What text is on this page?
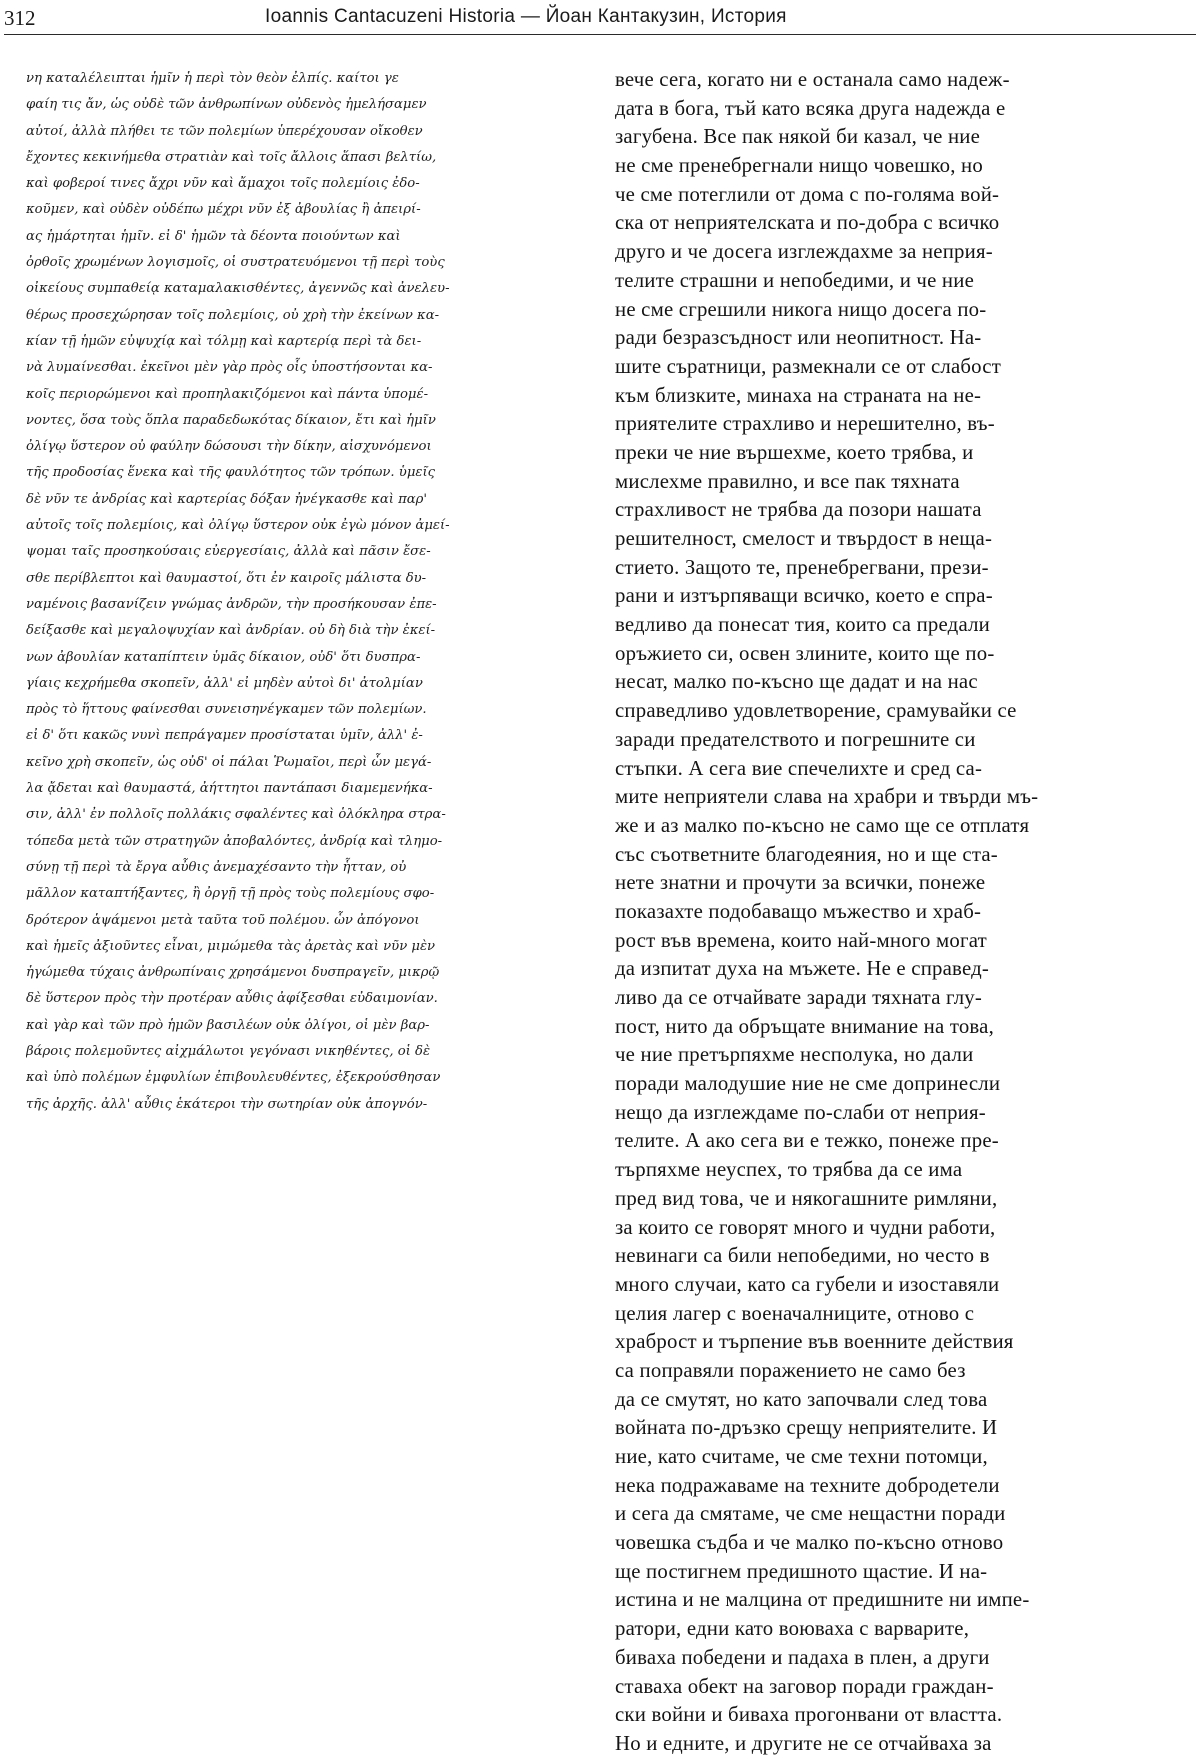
312	Ioannis Cantacuzeni Historia — Йоан Кантакузин, История
νη καταλέλειπται ἡμῖν ἡ περὶ τὸν θεὸν ἐλπίς. καίτοι γε
φαίη τις ἄν, ὡς οὐδὲ τῶν ἀνθρωπίνων οὐδενὸς ἠμελήσαμεν
αὐτοί, ἀλλὰ πλήθει τε τῶν πολεμίων ὑπερέχουσαν οἴκοθεν
ἔχοντες κεκινήμεθα στρατιὰν καὶ τοῖς ἄλλοις ἅπασι βελτίω,
καὶ φοβεροί τινες ἄχρι νῦν καὶ ἄμαχοι τοῖς πολεμίοις ἐδο-
κοῦμεν, καὶ οὐδὲν οὐδέπω μέχρι νῦν ἐξ ἀβουλίας ἢ ἀπειρί-
ας ἡμάρτηται ἡμῖν. εἰ δ' ἡμῶν τὰ δέοντα ποιούντων καὶ
ὀρθοῖς χρωμένων λογισμοῖς, οἱ συστρατευόμενοι τῇ περὶ τοὺς
οἰκείους συμπαθείᾳ καταμαλακισθέντες, ἀγεννῶς καὶ ἀνελευ-
θέρως προσεχώρησαν τοῖς πολεμίοις, οὐ χρὴ τὴν ἐκείνων κα-
κίαν τῇ ἡμῶν εὐψυχίᾳ καὶ τόλμῃ καὶ καρτερίᾳ περὶ τὰ δει-
νὰ λυμαίνεσθαι. ἐκεῖνοι μὲν γὰρ πρὸς οἷς ὑποστήσονται κα-
κοῖς περιορώμενοι καὶ προπηλακιζόμενοι καὶ πάντα ὑπομέ-
νοντες, ὅσα τοὺς ὅπλα παραδεδωκότας δίκαιον, ἔτι καὶ ἡμῖν
ὀλίγῳ ὕστερον οὐ φαύλην δώσουσι τὴν δίκην, αἰσχυνόμενοι
τῆς προδοσίας ἕνεκα καὶ τῆς φαυλότητος τῶν τρόπων. ὑμεῖς
δὲ νῦν τε ἀνδρίας καὶ καρτερίας δόξαν ἠνέγκασθε καὶ παρ'
αὐτοῖς τοῖς πολεμίοις, καὶ ὀλίγῳ ὕστερον οὐκ ἐγὼ μόνον ἀμεί-
ψομαι ταῖς προσηκούσαις εὐεργεσίαις, ἀλλὰ καὶ πᾶσιν ἔσε-
σθε περίβλεπτοι καὶ θαυμαστοί, ὅτι ἐν καιροῖς μάλιστα δυ-
ναμένοις βασανίζειν γνώμας ἀνδρῶν, τὴν προσήκουσαν ἐπε-
δείξασθε καὶ μεγαλοψυχίαν καὶ ἀνδρίαν. οὐ δὴ διὰ τὴν ἐκεί-
νων ἀβουλίαν καταπίπτειν ὑμᾶς δίκαιον, οὐδ' ὅτι δυσπρα-
γίαις κεχρήμεθα σκοπεῖν, ἀλλ' εἰ μηδὲν αὐτοὶ δι' ἀτολμίαν
πρὸς τὸ ἥττους φαίνεσθαι συνεισηνέγκαμεν τῶν πολεμίων.
εἰ δ' ὅτι κακῶς νυνὶ πεπράγαμεν προσίσταται ὑμῖν, ἀλλ' ἐ-
κεῖνο χρὴ σκοπεῖν, ὡς οὐδ' οἱ πάλαι Ῥωμαῖοι, περὶ ὧν μεγά-
λα ᾄδεται καὶ θαυμαστά, ἀήττητοι παντάπασι διαμεμενήκα-
σιν, ἀλλ' ἐν πολλοῖς πολλάκις σφαλέντες καὶ ὁλόκληρα στρα-
τόπεδα μετὰ τῶν στρατηγῶν ἀποβαλόντες, ἀνδρίᾳ καὶ τλημο-
σύνῃ τῇ περὶ τὰ ἔργα αὖθις ἀνεμαχέσαντο τὴν ἧτταν, οὐ
μᾶλλον καταπτήξαντες, ἢ ὀργῇ τῇ πρὸς τοὺς πολεμίους σφο-
δρότερον ἁψάμενοι μετὰ ταῦτα τοῦ πολέμου. ὧν ἀπόγονοι
καὶ ἡμεῖς ἀξιοῦντες εἶναι, μιμώμεθα τὰς ἀρετὰς καὶ νῦν μὲν
ἡγώμεθα τύχαις ἀνθρωπίναις χρησάμενοι δυσπραγεῖν, μικρῷ
δὲ ὕστερον πρὸς τὴν προτέραν αὖθις ἀφίξεσθαι εὐδαιμονίαν.
καὶ γὰρ καὶ τῶν πρὸ ἡμῶν βασιλέων οὐκ ὀλίγοι, οἱ μὲν βαρ-
βάροις πολεμοῦντες αἰχμάλωτοι γεγόνασι νικηθέντες, οἱ δὲ
καὶ ὑπὸ πολέμων ἐμφυλίων ἐπιβουλευθέντες, ἐξεκρούσθησαν
τῆς ἀρχῆς. ἀλλ' αὖθις ἑκάτεροι τὴν σωτηρίαν οὐκ ἀπογνόν-
вече сега, когато ни е останала само надеж-
дата в бога, тъй като всяка друга надежда е
загубена. Все пак някой би казал, че ние
не сме пренебрегнали нищо човешко, но
че сме потеглили от дома с по-голяма вой-
ска от неприятелската и по-добра с всичко
друго и че досега изглеждахме за неприя-
телите страшни и непобедими, и че ние
не сме сгрешили никога нищо досега по-
ради безразсъдност или неопитност. На-
шите съратници, размекнали се от слабост
към близките, минаха на страната на не-
приятелите страхливо и нерешително, въ-
преки че ние вършехме, което трябва, и
мислехме правилно, и все пак тяхната
страхливост не трябва да позори нашата
решителност, смелост и твърдост в неща-
стието. Защото те, пренебрегвани, прези-
рани и изтърпяващи всичко, което е спра-
ведливо да понесат тия, които са предали
оръжието си, освен злините, които ще по-
несат, малко по-късно ще дадат и на нас
справедливо удовлетворение, срамувайки се
заради предателството и погрешните си
стъпки. А сега вие спечелихте и сред са-
мите неприятели слава на храбри и твърди мъ-
же и аз малко по-късно не само ще се отплатя
със съответните благодеяния, но и ще ста-
нете знатни и прочути за всички, понеже
показахте подобаващо мъжество и храб-
рост във времена, които най-много могат
да изпитат духа на мъжете. Не е справед-
ливо да се отчайвате заради тяхната глу-
пост, нито да обръщате внимание на това,
че ние претърпяхме несполука, но дали
поради малодушие ние не сме допринесли
нещо да изглеждаме по-слаби от неприя-
телите. А ако сега ви е тежко, понеже пре-
търпяхме неуспех, то трябва да се има
пред вид това, че и някогашните римляни,
за които се говорят много и чудни работи,
невинаги са били непобедими, но често в
много случаи, като са губели и изоставяли
целия лагер с военачалниците, отново с
храброст и търпение във военните действия
са поправяли поражението не само без
да се смутят, но като започвали след това
войната по-дръзко срещу неприятелите. И
ние, като считаме, че сме техни потомци,
нека подражаваме на техните добродетели
и сега да смятаме, че сме нещастни поради
човешка съдба и че малко по-късно отново
ще постигнем предишното щастие. И на-
истина и не малцина от предишните ни импе-
ратори, едни като воюваха с варварите,
биваха победени и падаха в плен, а други
ставаха обект на заговор поради граждан-
ски войни и биваха прогонвани от властта.
Но и едните, и другите не се отчайваха за
